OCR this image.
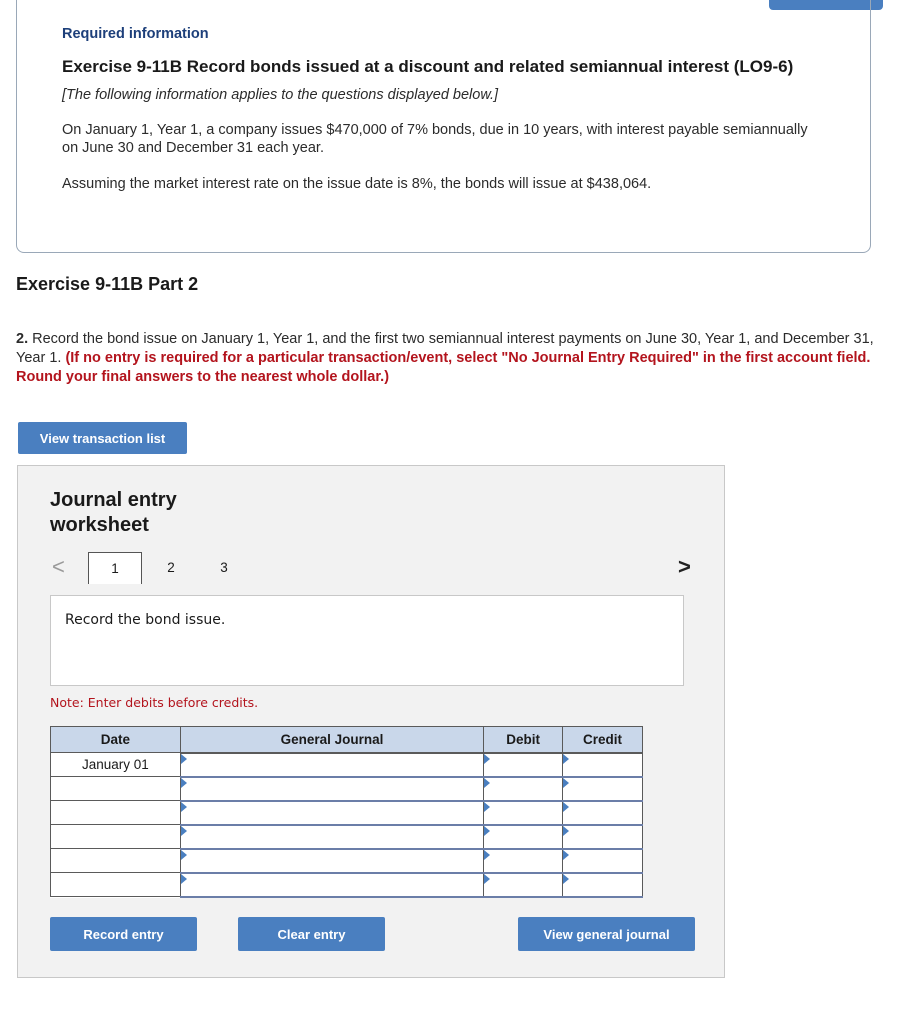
Required information
Exercise 9-11B Record bonds issued at a discount and related semiannual interest (LO9-6)
[The following information applies to the questions displayed below.]
On January 1, Year 1, a company issues $470,000 of 7% bonds, due in 10 years, with interest payable semiannually on June 30 and December 31 each year.
Assuming the market interest rate on the issue date is 8%, the bonds will issue at $438,064.
Exercise 9-11B Part 2
2. Record the bond issue on January 1, Year 1, and the first two semiannual interest payments on June 30, Year 1, and December 31, Year 1. (If no entry is required for a particular transaction/event, select "No Journal Entry Required" in the first account field. Round your final answers to the nearest whole dollar.)
View transaction list
Journal entry worksheet
<	1	2	3	>
Record the bond issue.
Note: Enter debits before credits.
Date	General Journal	Debit	Credit
January 01	

Record entry	Clear entry	View general journal
